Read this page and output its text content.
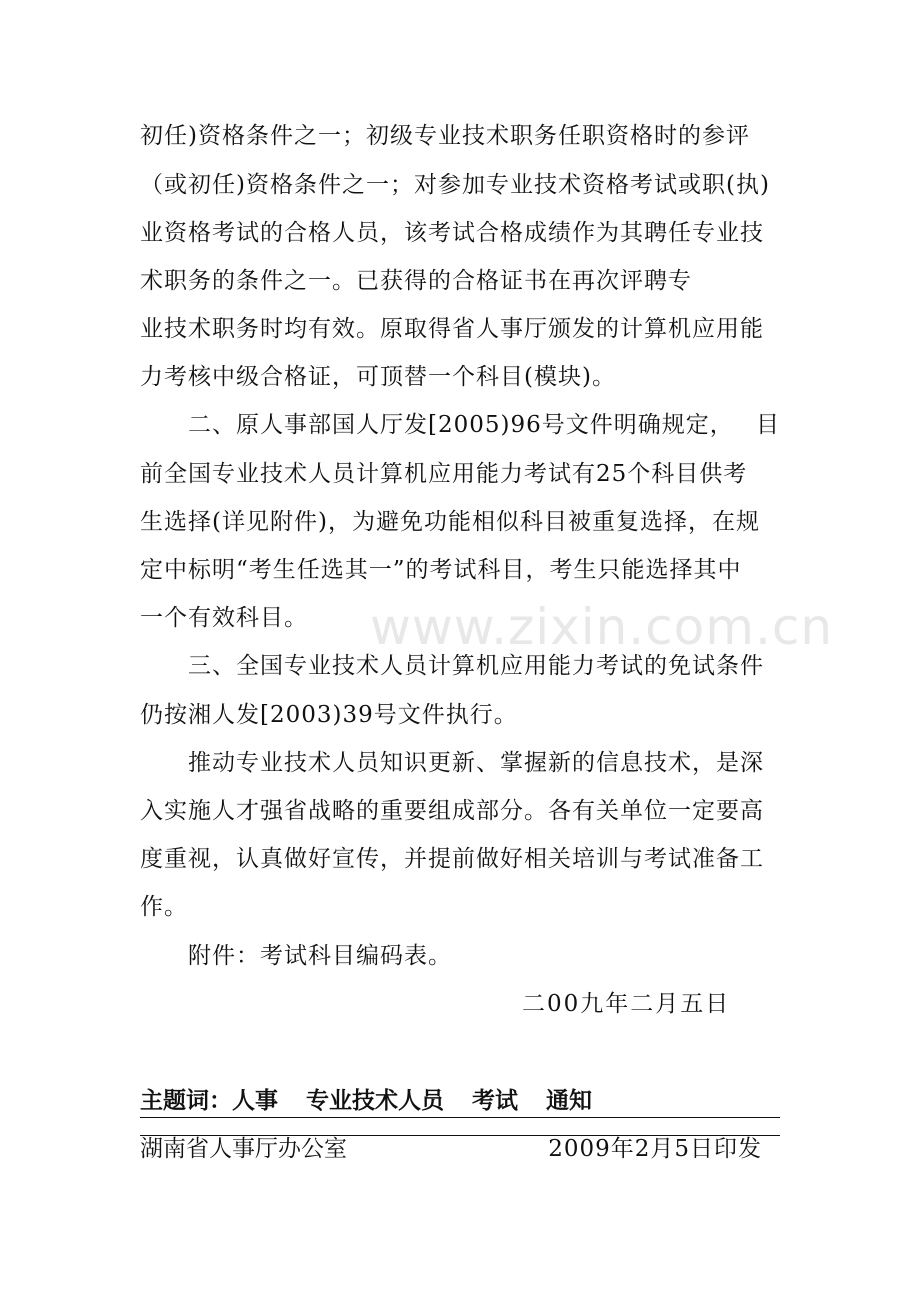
初任)资格条件之一；初级专业技术职务任职资格时的参评
（或初任)资格条件之一；对参加专业技术资格考试或职(执)
业资格考试的合格人员，该考试合格成绩作为其聘任专业技
术职务的条件之一。已获得的合格证书在再次评聘专
业技术职务时均有效。原取得省人事厅颁发的计算机应用能
力考核中级合格证，可顶替一个科目(模块)。
二、原人事部国人厅发[2005)96号文件明确规定， 目
前全国专业技术人员计算机应用能力考试有25个科目供考
生选择(详见附件)，为避免功能相似科目被重复选择，在规
定中标明“考生任选其一”的考试科目，考生只能选择其中
一个有效科目。
三、全国专业技术人员计算机应用能力考试的免试条件
仍按湘人发[2003)39号文件执行。
推动专业技术人员知识更新、掌握新的信息技术，是深
入实施人才强省战略的重要组成部分。各有关单位一定要高
度重视，认真做好宣传，并提前做好相关培训与考试准备工
作。
附件：考试科目编码表。
二00九年二月五日
主题词：人事 专业技术人员 考试 通知
湖南省人事厅办公室	2009年2月5日印发
www.zixin.com.cn
